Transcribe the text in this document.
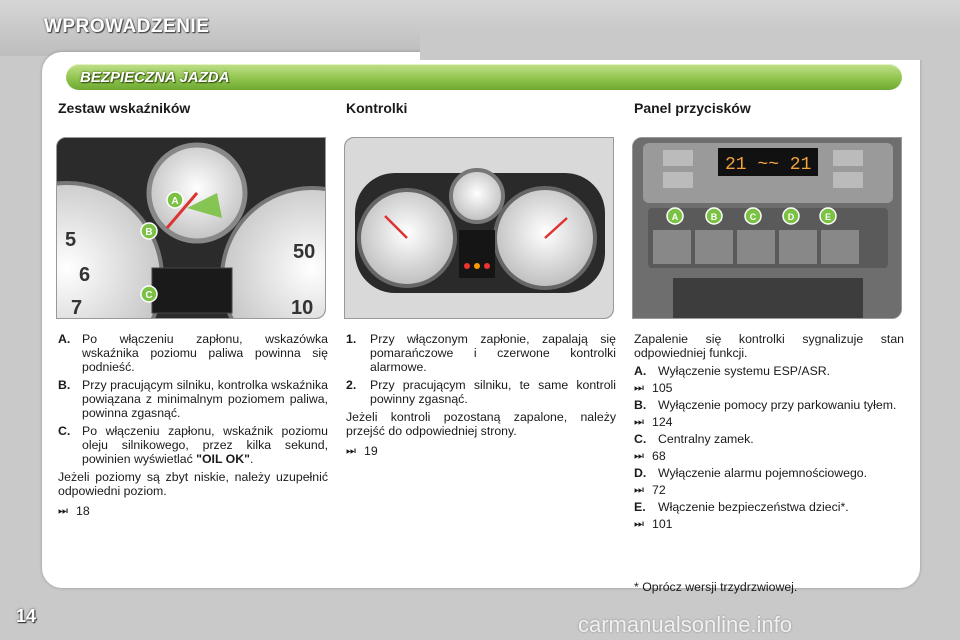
WPROWADZENIE
BEZPIECZNA JAZDA
Zestaw wskaźników	Kontrolki	Panel przycisków
5
6
7
50
10
A
B
C
21 ~~ 21
A	B	C	D	E
A. Po włączeniu zapłonu, wskazówka wskaźnika poziomu paliwa powinna się podnieść.
B. Przy pracującym silniku, kontrolka wskaźnika powiązana z minimalnym poziomem paliwa, powinna zgasnąć.
C. Po włączeniu zapłonu, wskaźnik poziomu oleju silnikowego, przez kilka sekund, powinien wyświetlać "OIL OK".
Jeżeli poziomy są zbyt niskie, należy uzupełnić odpowiedni poziom.
⏭ 18
1.	Przy włączonym zapłonie, zapalają się pomarańczowe i czerwone kontrolki alarmowe.
2.	Przy pracującym silniku, te same kontroli powinny zgasnąć.
Jeżeli kontroli pozostaną zapalone, należy przejść do odpowiedniej strony.
⏭ 19
Zapalenie się kontrolki sygnalizuje stan odpowiedniej funkcji.
A. Wyłączenie systemu ESP/ASR.
⏭ 105
B. Wyłączenie pomocy przy parkowaniu tyłem.
⏭ 124
C. Centralny zamek.
⏭ 68
D. Wyłączenie alarmu pojemnościowego.
⏭ 72
E.	Włączenie bezpieczeństwa dzieci*.
⏭ 101
* Oprócz wersji trzydrzwiowej.
14	carmanualsonline.info
